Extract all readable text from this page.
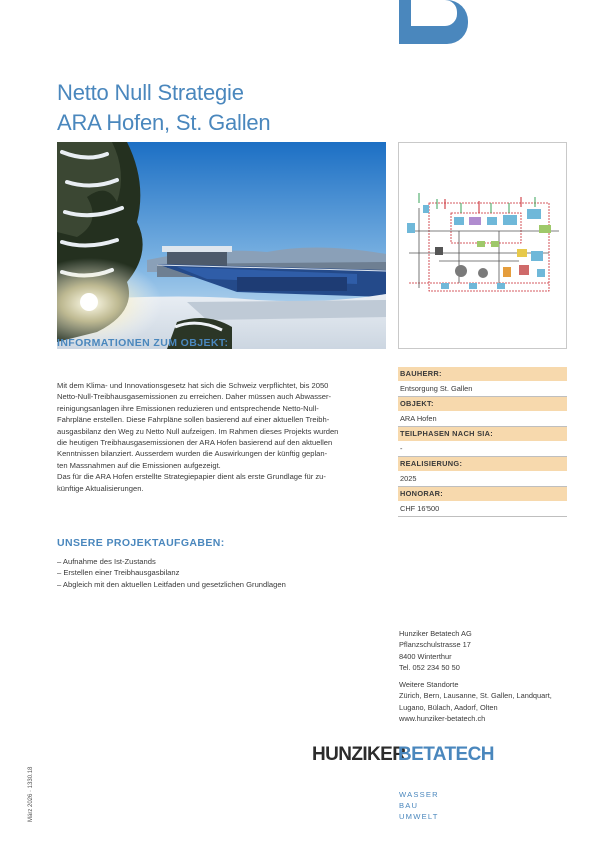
Netto Null Strategie
ARA Hofen, St. Gallen
INFORMATIONEN ZUM OBJEKT:

Mit dem Klima- und Innovationsgesetz hat sich die Schweiz verpflichtet, bis 2050

Netto-Null-Treibhausgasemissionen zu erreichen. Daher müssen auch Abwasser-

reinigungsanlagen ihre Emissionen reduzieren und entsprechende Netto-Null-

Fahrpläne erstellen. Diese Fahrpläne sollen basierend auf einer aktuellen Treibh-

ausgasbilanz den Weg zu Netto Null aufzeigen. Im Rahmen dieses Projekts wurden

die heutigen Treibhausgasemissionen der ARA Hofen basierend auf den aktuellen

Kenntnissen bilanziert. Ausserdem wurden die Auswirkungen der künftig geplan-

ten Massnahmen auf die Emissionen aufgezeigt.

Das für die ARA Hofen erstellte Strategiepapier dient als erste Grundlage für zu-

künftige Aktualisierungen.

UNSERE PROJEKTAUFGABEN:
– Aufnahme des Ist-Zustands
– Erstellen einer Treibhausgasbilanz
– Abgleich mit den aktuellen Leitfaden und gesetzlichen Grundlagen
BAUHERR:
Entsorgung St. Gallen
OBJEKT:
ARA Hofen
TEILPHASEN NACH SIA:
-
REALISIERUNG:
2025
HONORAR:
CHF 16'500
Hunziker Betatech AG
Pflanzschulstrasse 17
8400 Winterthur
Tel. 052 234 50 50
Weitere Standorte
Zürich, Bern, Lausanne, St. Gallen, Landquart,
Lugano, Bülach, Aadorf, Olten
www.hunziker-betatech.ch
HUNZIKER
BETATECH
WASSER
BAU
UMWELT
März 2026 · 1330.18
